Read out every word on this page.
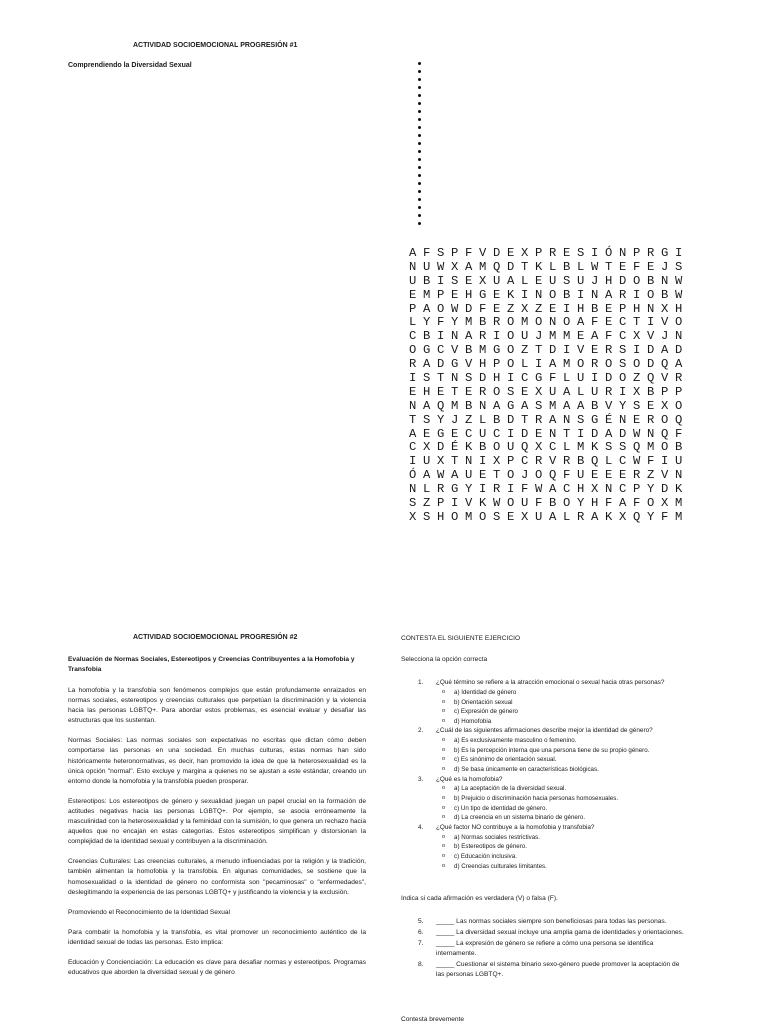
ACTIVIDAD SOCIOEMOCIONAL PROGRESIÓN #1
Comprendiendo la Diversidad Sexual
A F S P F V D E X P R E S I Ó N P R G I
N U W X A M Q D T K L B L W T E F E J S
U B I S E X U A L E U S U J H D O B N W
E M P E H G E K I N O B I N A R I O B W
P A O W D F E Z X Z E I H B E P H N X H
L Y F Y M B R O M O N O A F E C T I V O
C B I N A R I O U J M M E A F C X V J N
O G C V B M G O Z T D I V E R S I D A D
R A D G V H P O L I A M O R O S O D Q A
I S T N S D H I C G F L U I D O Z Q V R
E H E T E R O S E X U A L U R I X B P P
N A Q M B N A G A S M A A B V Y S E X O
T S Y J Z L B D T R A N S G É N E R O Q
A E G E C U C I D E N T I D A D W N Q F
C X D É K B O U Q X C L M K S S Q M O B
I U X T N I X P C R V R B Q L C W F I U
Ó A W A U E T O J O Q F U E E E R Z V N
N L R G Y I R I F W A C H X N C P Y D K
S Z P I V K W O U F B O Y H F A F O X M
X S H O M O S E X U A L R A K X Q Y F M
ACTIVIDAD SOCIOEMOCIONAL PROGRESIÓN #2
Evaluación de Normas Sociales, Estereotipos y Creencias Contribuyentes a la Homofobia y Transfobia

La homofobia y la transfobia son fenómenos complejos que están profundamente enraizados en normas sociales, estereotipos y creencias culturales que perpetúan la discriminación y la violencia hacia las personas LGBTQ+. Para abordar estos problemas, es esencial evaluar y desafiar las estructuras que los sustentan.

Normas Sociales: Las normas sociales son expectativas no escritas que dictan cómo deben comportarse las personas en una sociedad. En muchas culturas, estas normas han sido históricamente heteronormativas, es decir, han promovido la idea de que la heterosexualidad es la única opción "normal". Esto excluye y margina a quienes no se ajustan a este estándar, creando un entorno donde la homofobia y la transfobia pueden prosperar.

Estereotipos: Los estereotipos de género y sexualidad juegan un papel crucial en la formación de actitudes negativas hacia las personas LGBTQ+. Por ejemplo, se asocia erróneamente la masculinidad con la heterosexualidad y la feminidad con la sumisión, lo que genera un rechazo hacia aquellos que no encajan en estas categorías. Estos estereotipos simplifican y distorsionan la complejidad de la identidad sexual y contribuyen a la discriminación.

Creencias Culturales: Las creencias culturales, a menudo influenciadas por la religión y la tradición, también alimentan la homofobia y la transfobia. En algunas comunidades, se sostiene que la homosexualidad o la identidad de género no conformista son "pecaminosas" o "enfermedades", deslegitimando la experiencia de las personas LGBTQ+ y justificando la violencia y la exclusión.

Promoviendo el Reconocimiento de la Identidad Sexual

Para combatir la homofobia y la transfobia, es vital promover un reconocimiento auténtico de la identidad sexual de todas las personas. Esto implica:

Educación y Concienciación: La educación es clave para desafiar normas y estereotipos. Programas educativos que aborden la diversidad sexual y de género

CONTESTA EL SIGUIENTE EJERCICIO
Selecciona la opción correcta
1.	¿Qué término se refiere a la atracción emocional o sexual hacia otras personas?
o a) Identidad de género
o b) Orientación sexual
o c) Expresión de género
o d) Homofobia
2.	¿Cuál de las siguientes afirmaciones describe mejor la identidad de género?
o a) Es exclusivamente masculino o femenino.
o b) Es la percepción interna que una persona tiene de su propio género.
o c) Es sinónimo de orientación sexual.
o d) Se basa únicamente en características biológicas.
3.	¿Qué es la homofobia?
o a) La aceptación de la diversidad sexual.
o b) Prejuicio o discriminación hacia personas homosexuales.
o c) Un tipo de identidad de género.
o d) La creencia en un sistema binario de género.
4.	¿Qué factor NO contribuye a la homofobia y transfobia?
o a) Normas sociales restrictivas.
o b) Estereotipos de género.
o c) Educación inclusiva.
o d) Creencias culturales limitantes.
Indica si cada afirmación es verdadera (V) o falsa (F).
5.	_____ Las normas sociales siempre son beneficiosas para todas las personas.
6.	_____ La diversidad sexual incluye una amplia gama de identidades y orientaciones.
7.	_____ La expresión de género se refiere a cómo una persona se identifica internamente.
8.	_____ Cuestionar el sistema binario sexo-género puede promover la aceptación de las personas LGBTQ+.
Contesta brevemente
